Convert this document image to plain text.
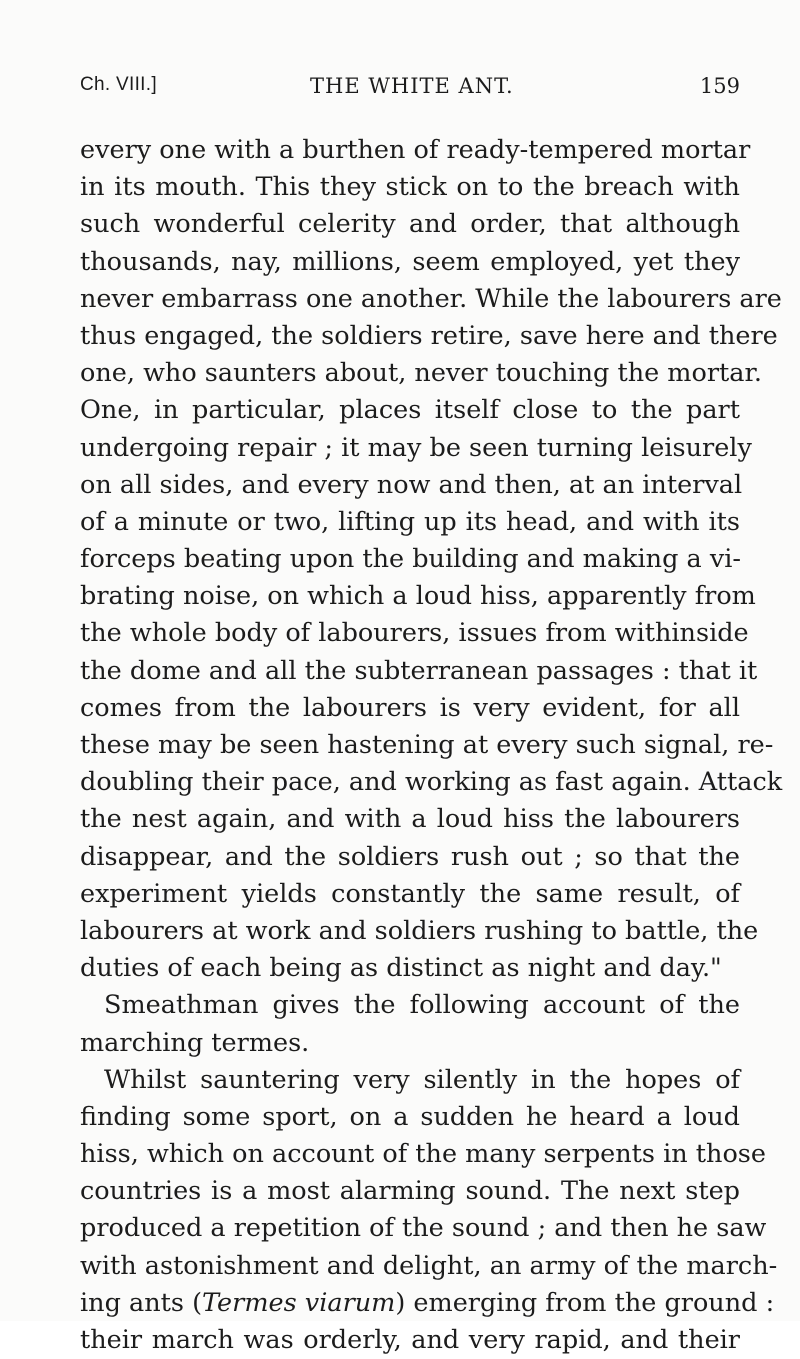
Ch. VIII.]	THE WHITE ANT.	159
every one with a burthen of ready-tempered mortar
in its mouth. This they stick on to the breach with
such wonderful celerity and order, that although
thousands, nay, millions, seem employed, yet they
never embarrass one another. While the labourers are
thus engaged, the soldiers retire, save here and there
one, who saunters about, never touching the mortar.
One, in particular, places itself close to the part
undergoing repair ; it may be seen turning leisurely
on all sides, and every now and then, at an interval
of a minute or two, lifting up its head, and with its
forceps beating upon the building and making a vi-
brating noise, on which a loud hiss, apparently from
the whole body of labourers, issues from withinside
the dome and all the subterranean passages : that it
comes from the labourers is very evident, for all
these may be seen hastening at every such signal, re-
doubling their pace, and working as fast again. Attack
the nest again, and with a loud hiss the labourers
disappear, and the soldiers rush out ; so that the
experiment yields constantly the same result, of
labourers at work and soldiers rushing to battle, the
duties of each being as distinct as night and day."
Smeathman gives the following account of the
marching termes.
Whilst sauntering very silently in the hopes of
finding some sport, on a sudden he heard a loud
hiss, which on account of the many serpents in those
countries is a most alarming sound. The next step
produced a repetition of the sound ; and then he saw
with astonishment and delight, an army of the march-
ing ants (Termes viarum) emerging from the ground :
their march was orderly, and very rapid, and their
